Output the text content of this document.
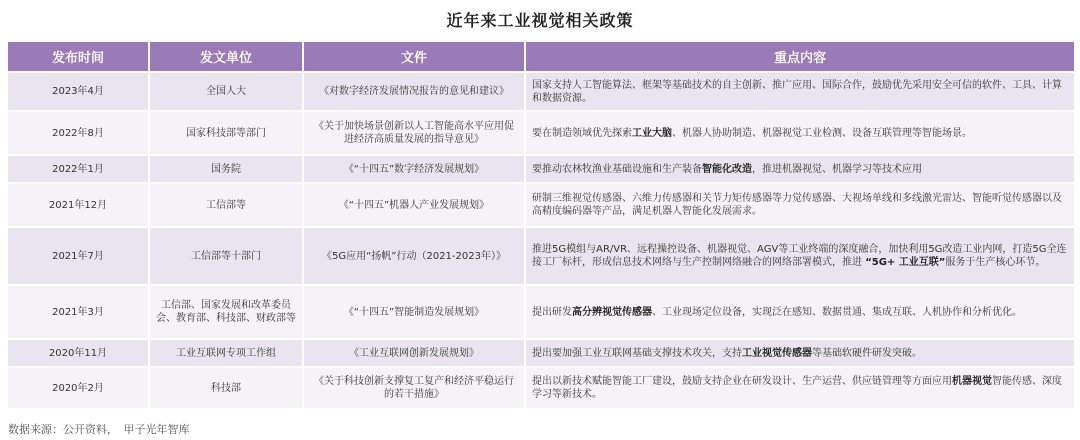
近年来工业视觉相关政策
发布时间	发文单位	文件	重点内容
2023年4月	全国人大	《对数字经济发展情况报告的意见和建议》	国家支持人工智能算法、框架等基础技术的自主创新、推广应用、国际合作，鼓励优先采用安全可信的软件、工具、计算和数据资源。
2022年8月	国家科技部等部门	《关于加快场景创新以人工智能高水平应用促进经济高质量发展的指导意见》	要在制造领域优先探索工业大脑、机器人协助制造、机器视觉工业检测、设备互联管理等智能场景。
2022年1月	国务院	《“十四五”数字经济发展规划》	要推动农林牧渔业基础设施和生产装备智能化改造，推进机器视觉、机器学习等技术应用
2021年12月	工信部等	《“十四五”机器人产业发展规划》	研制三维视觉传感器、六维力传感器和关节力矩传感器等力觉传感器、大视场单线和多线激光雷达、智能听觉传感器以及高精度编码器等产品，满足机器人智能化发展需求。
2021年7月	工信部等十部门	《5G应用“扬帆”行动（2021-2023年）》	推进5G模组与AR/VR、远程操控设备、机器视觉、AGV等工业终端的深度融合，加快利用5G改造工业内网，打造5G全连接工厂标杆，形成信息技术网络与生产控制网络融合的网络部署模式，推进 “5G+ 工业互联”服务于生产核心环节。
2021年3月	工信部、国家发展和改革委员会、教育部、科技部、财政部等	《“十四五”智能制造发展规划》	提出研发高分辨视觉传感器、工业现场定位设备，实现泛在感知、数据贯通、集成互联、人机协作和分析优化。
2020年11月	工业互联网专项工作组	《工业互联网创新发展规划》	提出要加强工业互联网基础支撑技术攻关，支持工业视觉传感器等基础软硬件研发突破。
2020年2月	科技部	《关于科技创新支撑复工复产和经济平稳运行的若干措施》	提出以新技术赋能智能工厂建设，鼓励支持企业在研发设计、生产运营、供应链管理等方面应用机器视觉智能传感、深度学习等新技术。
数据来源：公开资料，　甲子光年智库
